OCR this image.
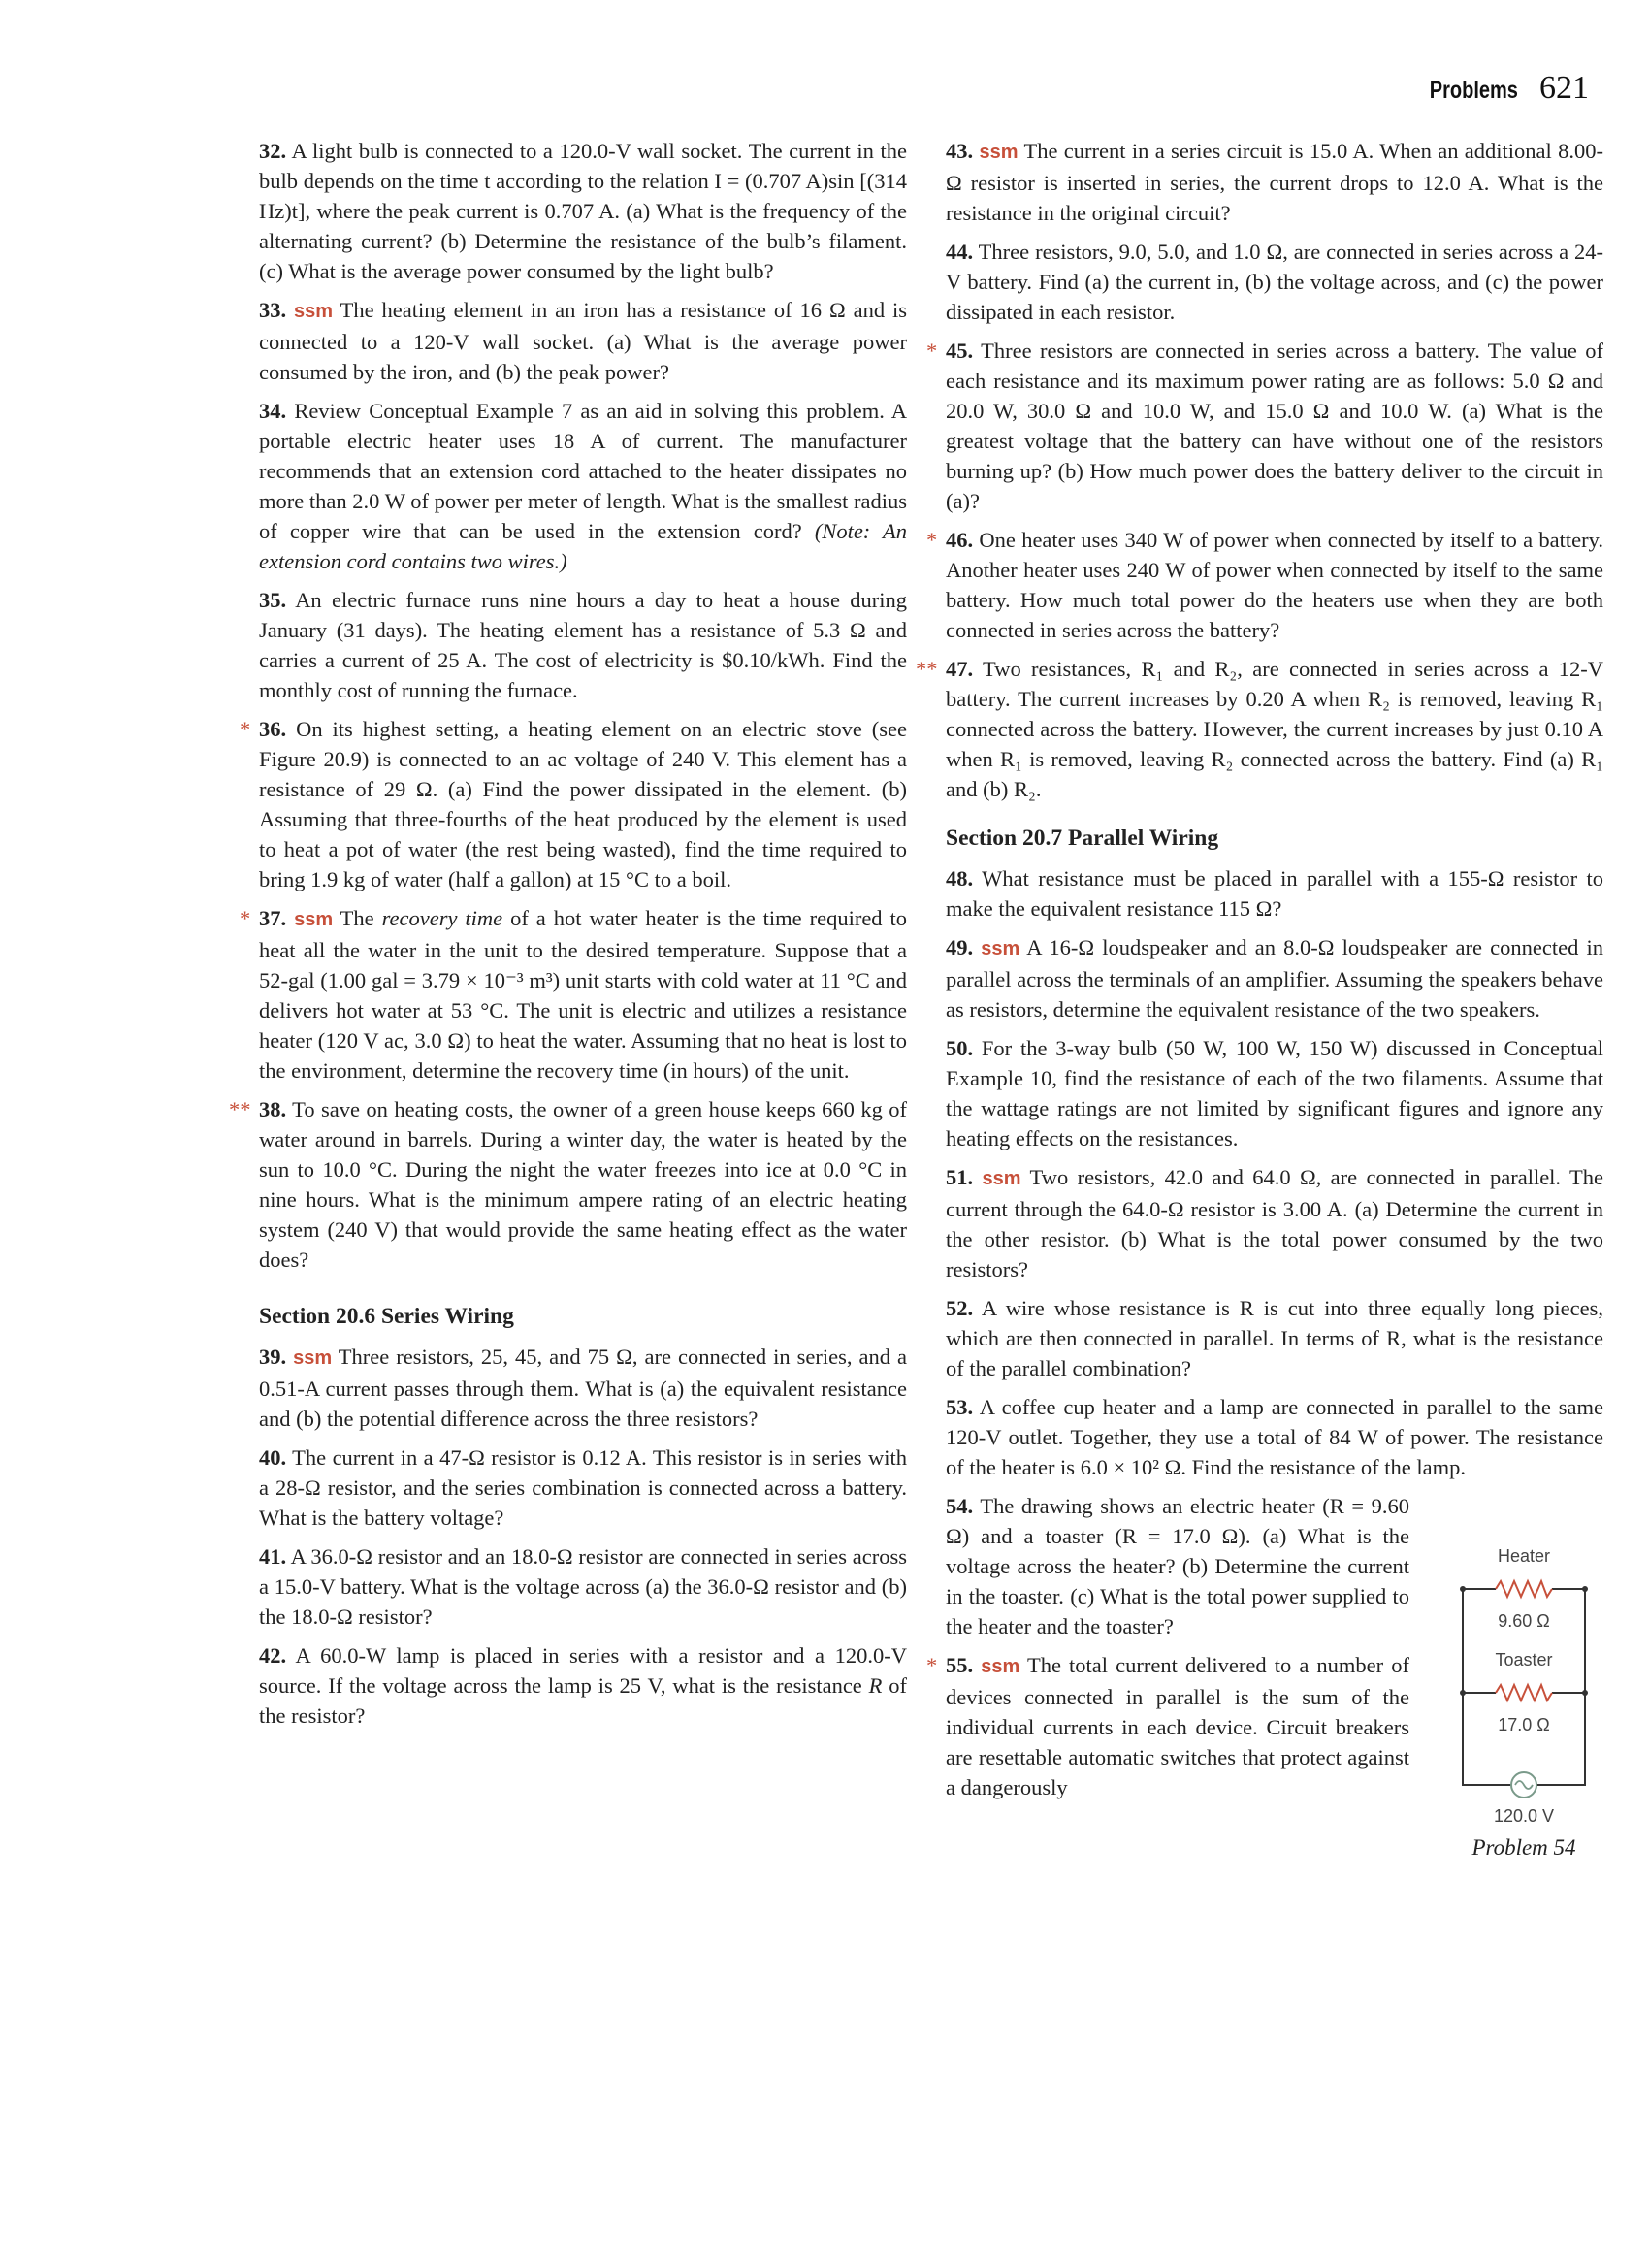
Problems 621

32. A light bulb is connected to a 120.0-V wall socket. The current in the bulb depends on the time t according to the relation I = (0.707 A)sin [(314 Hz)t], where the peak current is 0.707 A. (a) What is the frequency of the alternating current? (b) Determine the resistance of the bulb’s filament. (c) What is the average power consumed by the light bulb?

33. ssm The heating element in an iron has a resistance of 16 Ω and is connected to a 120-V wall socket. (a) What is the average power consumed by the iron, and (b) the peak power?

34. Review Conceptual Example 7 as an aid in solving this problem. A portable electric heater uses 18 A of current. The manufacturer recommends that an extension cord attached to the heater dissipates no more than 2.0 W of power per meter of length. What is the smallest radius of copper wire that can be used in the extension cord? (Note: An extension cord contains two wires.)

35. An electric furnace runs nine hours a day to heat a house during January (31 days). The heating element has a resistance of 5.3 Ω and carries a current of 25 A. The cost of electricity is $0.10/kWh. Find the monthly cost of running the furnace.

* 36. On its highest setting, a heating element on an electric stove (see Figure 20.9) is connected to an ac voltage of 240 V. This element has a resistance of 29 Ω. (a) Find the power dissipated in the element. (b) Assuming that three-fourths of the heat produced by the element is used to heat a pot of water (the rest being wasted), find the time required to bring 1.9 kg of water (half a gallon) at 15 °C to a boil.

* 37. ssm The recovery time of a hot water heater is the time required to heat all the water in the unit to the desired temperature. Suppose that a 52-gal (1.00 gal = 3.79 × 10⁻³ m³) unit starts with cold water at 11 °C and delivers hot water at 53 °C. The unit is electric and utilizes a resistance heater (120 V ac, 3.0 Ω) to heat the water. Assuming that no heat is lost to the environment, determine the recovery time (in hours) of the unit.

** 38. To save on heating costs, the owner of a green house keeps 660 kg of water around in barrels. During a winter day, the water is heated by the sun to 10.0 °C. During the night the water freezes into ice at 0.0 °C in nine hours. What is the minimum ampere rating of an electric heating system (240 V) that would provide the same heating effect as the water does?

Section 20.6 Series Wiring

39. ssm Three resistors, 25, 45, and 75 Ω, are connected in series, and a 0.51-A current passes through them. What is (a) the equivalent resistance and (b) the potential difference across the three resistors?

40. The current in a 47-Ω resistor is 0.12 A. This resistor is in series with a 28-Ω resistor, and the series combination is connected across a battery. What is the battery voltage?

41. A 36.0-Ω resistor and an 18.0-Ω resistor are connected in series across a 15.0-V battery. What is the voltage across (a) the 36.0-Ω resistor and (b) the 18.0-Ω resistor?

42. A 60.0-W lamp is placed in series with a resistor and a 120.0-V source. If the voltage across the lamp is 25 V, what is the resistance R of the resistor?

43. ssm The current in a series circuit is 15.0 A. When an additional 8.00-Ω resistor is inserted in series, the current drops to 12.0 A. What is the resistance in the original circuit?

44. Three resistors, 9.0, 5.0, and 1.0 Ω, are connected in series across a 24-V battery. Find (a) the current in, (b) the voltage across, and (c) the power dissipated in each resistor.

* 45. Three resistors are connected in series across a battery. The value of each resistance and its maximum power rating are as follows: 5.0 Ω and 20.0 W, 30.0 Ω and 10.0 W, and 15.0 Ω and 10.0 W. (a) What is the greatest voltage that the battery can have without one of the resistors burning up? (b) How much power does the battery deliver to the circuit in (a)?

* 46. One heater uses 340 W of power when connected by itself to a battery. Another heater uses 240 W of power when connected by itself to the same battery. How much total power do the heaters use when they are both connected in series across the battery?

** 47. Two resistances, R₁ and R₂, are connected in series across a 12-V battery. The current increases by 0.20 A when R₂ is removed, leaving R₁ connected across the battery. However, the current increases by just 0.10 A when R₁ is removed, leaving R₂ connected across the battery. Find (a) R₁ and (b) R₂.

Section 20.7 Parallel Wiring

48. What resistance must be placed in parallel with a 155-Ω resistor to make the equivalent resistance 115 Ω?

49. ssm A 16-Ω loudspeaker and an 8.0-Ω loudspeaker are connected in parallel across the terminals of an amplifier. Assuming the speakers behave as resistors, determine the equivalent resistance of the two speakers.

50. For the 3-way bulb (50 W, 100 W, 150 W) discussed in Conceptual Example 10, find the resistance of each of the two filaments. Assume that the wattage ratings are not limited by significant figures and ignore any heating effects on the resistances.

51. ssm Two resistors, 42.0 and 64.0 Ω, are connected in parallel. The current through the 64.0-Ω resistor is 3.00 A. (a) Determine the current in the other resistor. (b) What is the total power consumed by the two resistors?

52. A wire whose resistance is R is cut into three equally long pieces, which are then connected in parallel. In terms of R, what is the resistance of the parallel combination?

53. A coffee cup heater and a lamp are connected in parallel to the same 120-V outlet. Together, they use a total of 84 W of power. The resistance of the heater is 6.0 × 10² Ω. Find the resistance of the lamp.

54. The drawing shows an electric heater (R = 9.60 Ω) and a toaster (R = 17.0 Ω). (a) What is the voltage across the heater? (b) Determine the current in the toaster. (c) What is the total power supplied to the heater and the toaster?

* 55. ssm The total current delivered to a number of devices connected in parallel is the sum of the individual currents in each device. Circuit breakers are resettable automatic switches that protect against a dangerously

Heater
9.60 Ω
Toaster
17.0 Ω
120.0 V
Problem 54
